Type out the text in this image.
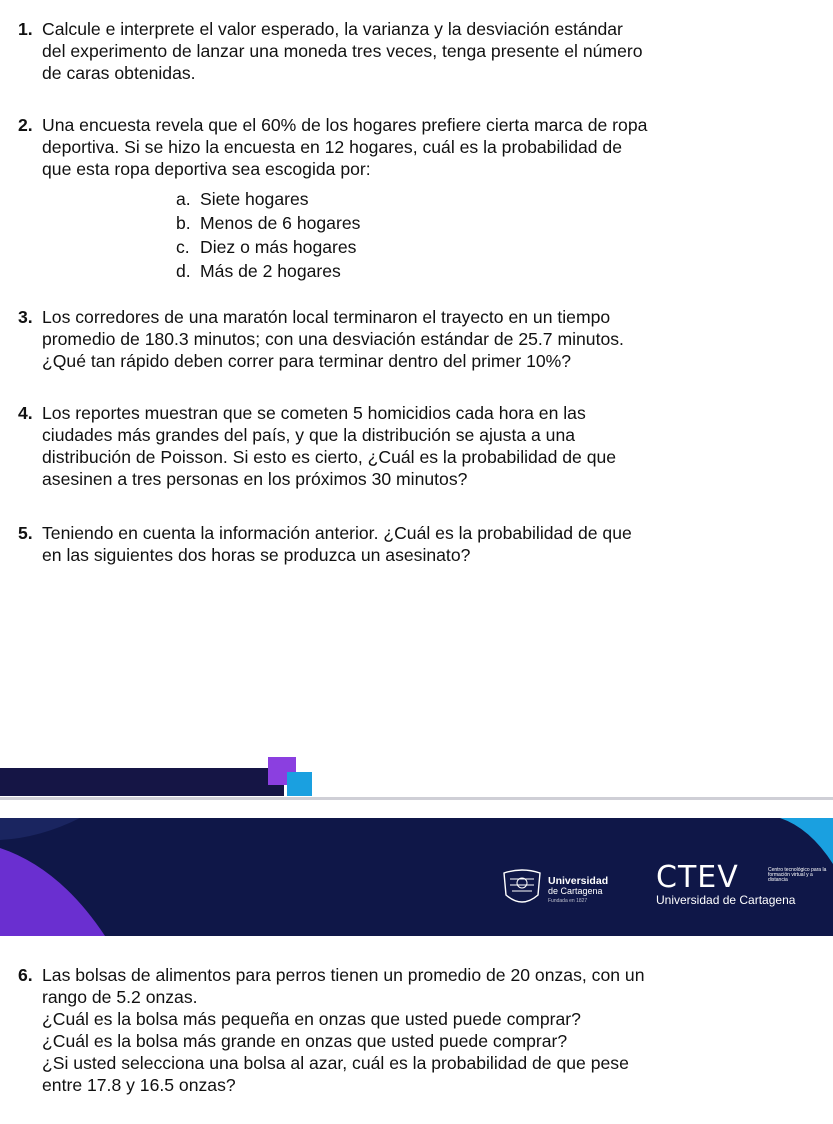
1. Calcule e interprete el valor esperado, la varianza y la desviación estándar
del experimento de lanzar una moneda tres veces, tenga presente el número
de caras obtenidas.
2. Una encuesta revela que el 60% de los hogares prefiere cierta marca de ropa
deportiva. Si se hizo la encuesta en 12 hogares, cuál es la probabilidad de
que esta ropa deportiva sea escogida por:
a. Siete hogares
b. Menos de 6 hogares
c. Diez o más hogares
d. Más de 2 hogares
3. Los corredores de una maratón local terminaron el trayecto en un tiempo
promedio de 180.3 minutos; con una desviación estándar de 25.7 minutos.
¿Qué tan rápido deben correr para terminar dentro del primer 10%?
4. Los reportes muestran que se cometen 5 homicidios cada hora en las
ciudades más grandes del país, y que la distribución se ajusta a una
distribución de Poisson. Si esto es cierto, ¿Cuál es la probabilidad de que
asesinen a tres personas en los próximos 30 minutos?
5. Teniendo en cuenta la información anterior. ¿Cuál es la probabilidad de que
en las siguientes dos horas se produzca un asesinato?
Universidad
de Cartagena
Fundada en 1827
CTEV	Centro tecnológico para la formación virtual y a distancia
Universidad de Cartagena
6. Las bolsas de alimentos para perros tienen un promedio de 20 onzas, con un
rango de 5.2 onzas.
¿Cuál es la bolsa más pequeña en onzas que usted puede comprar?
¿Cuál es la bolsa más grande en onzas que usted puede comprar?
¿Si usted selecciona una bolsa al azar, cuál es la probabilidad de que pese
entre 17.8 y 16.5 onzas?
